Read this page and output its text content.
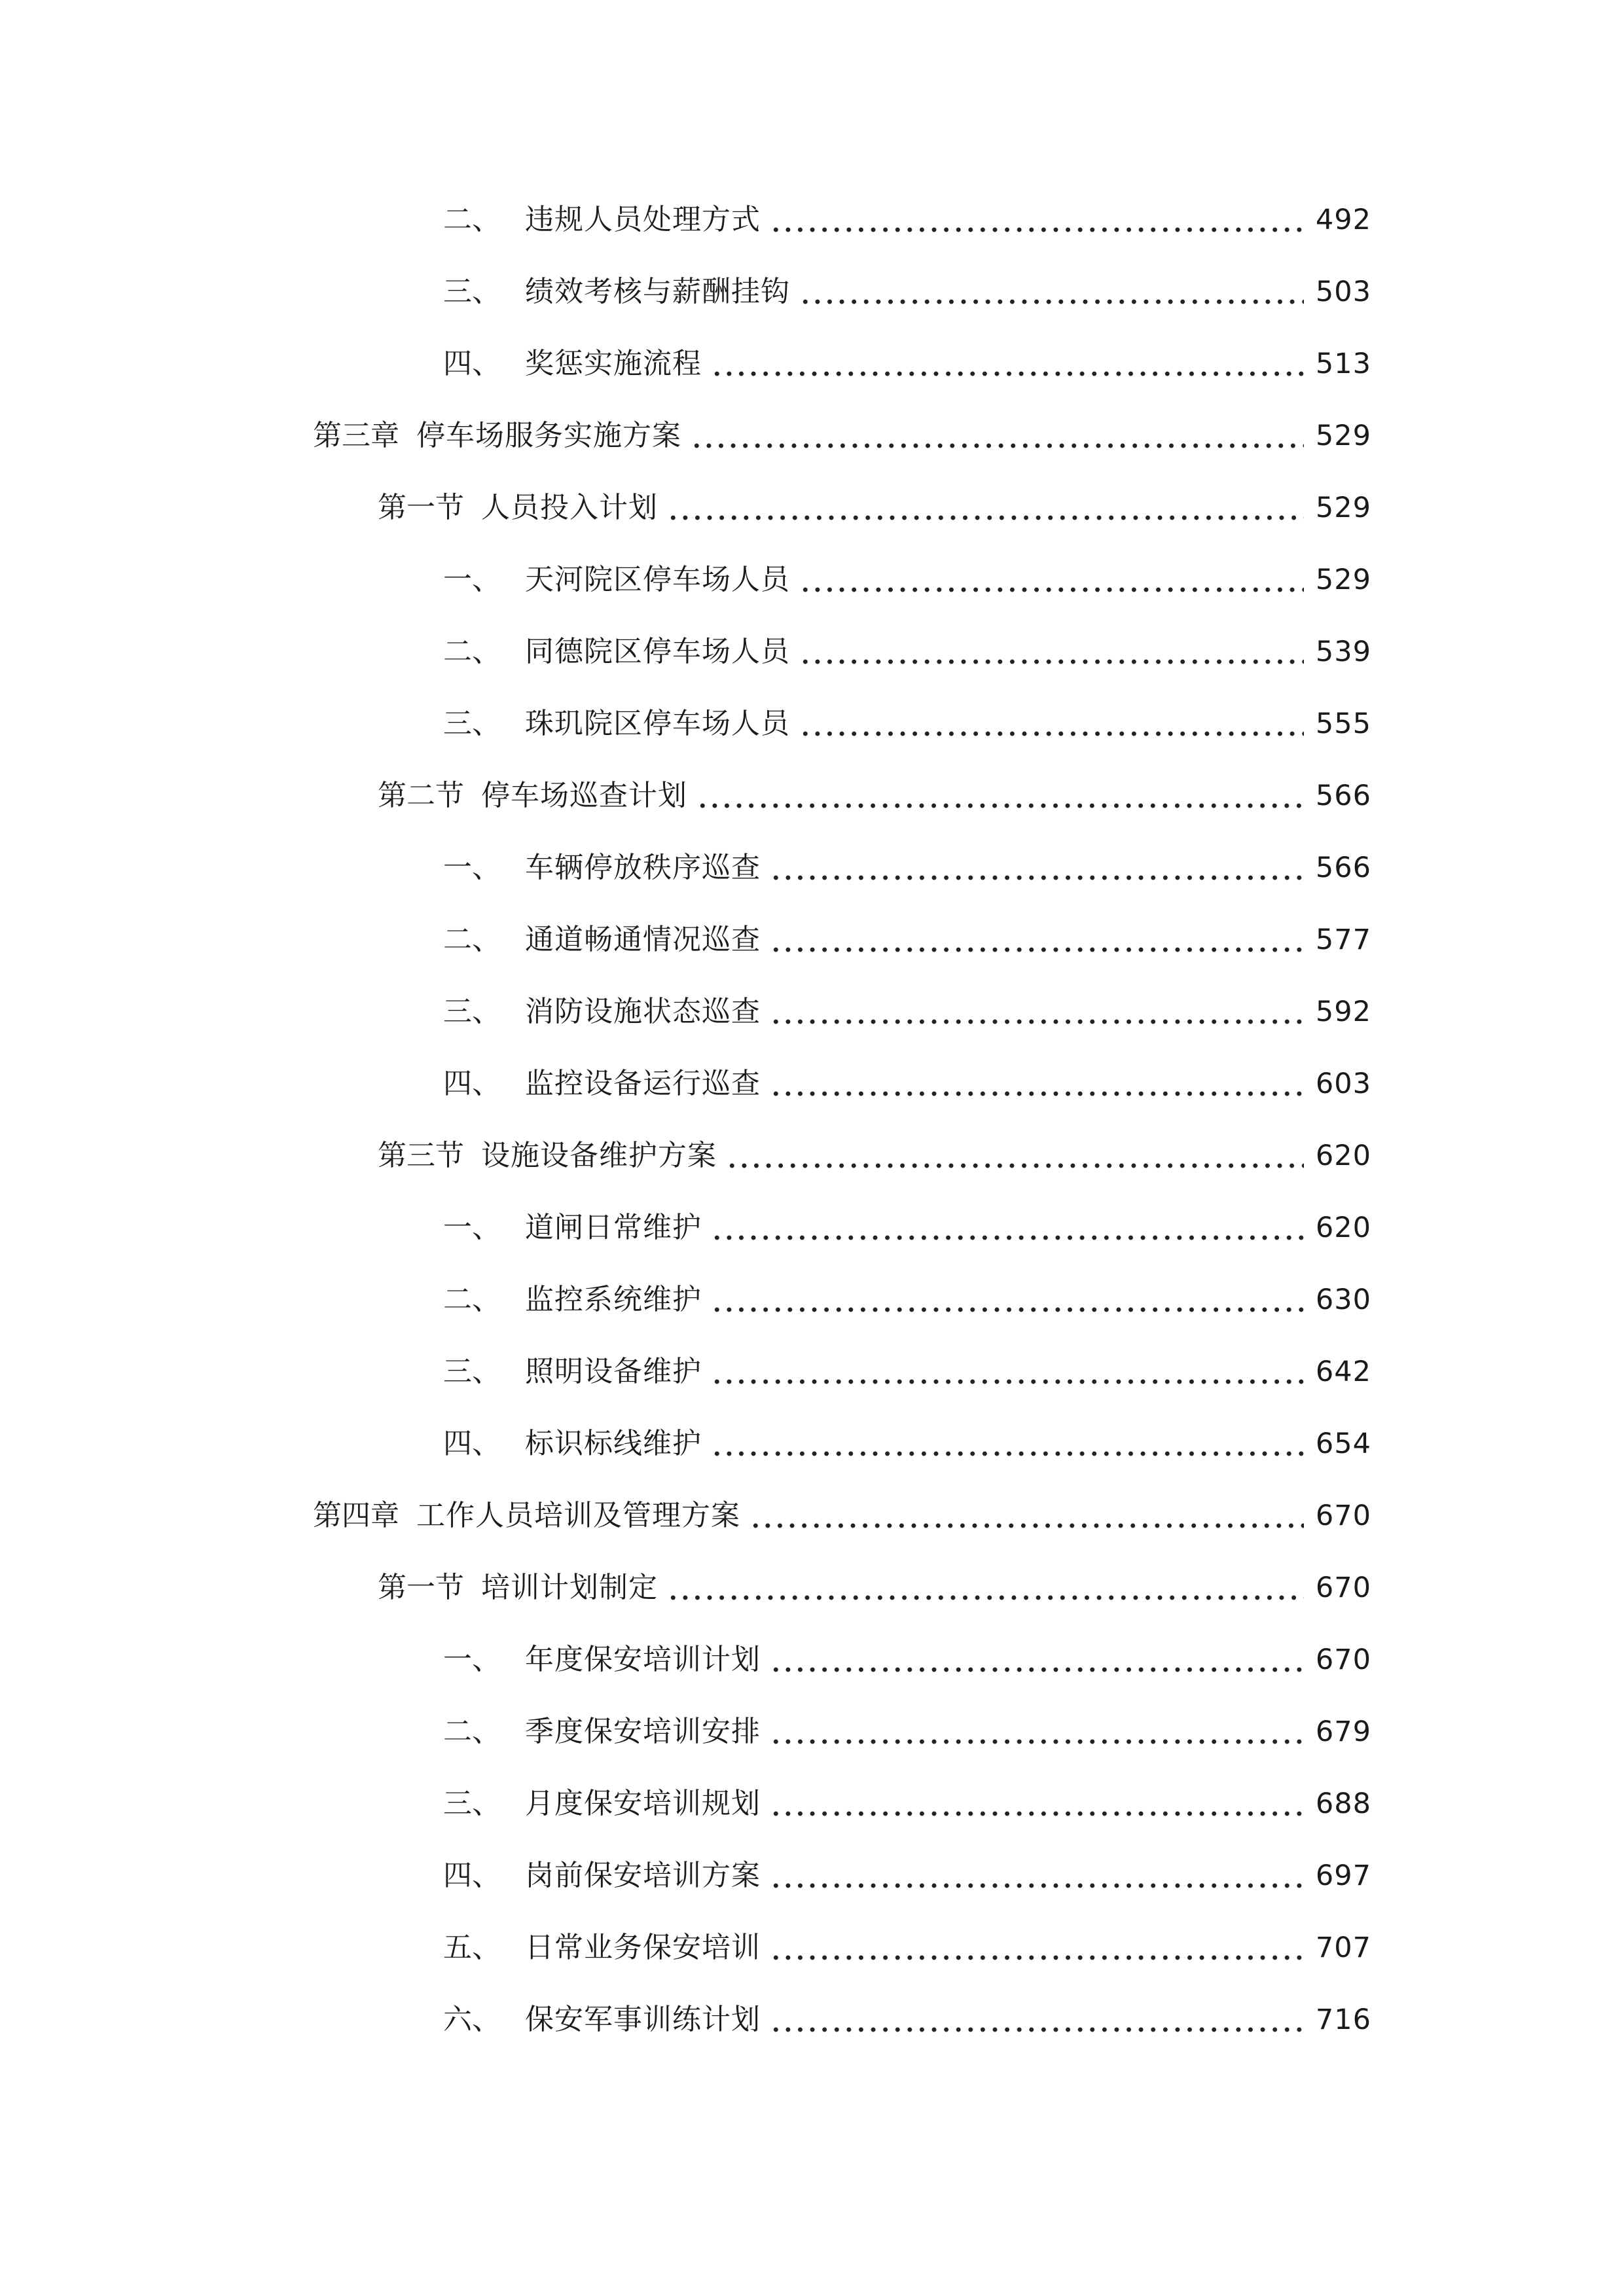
二、 违规人员处理方式	492
三、 绩效考核与薪酬挂钩	503
四、 奖惩实施流程	513
第三章 停车场服务实施方案	529
第一节 人员投入计划	529
一、 天河院区停车场人员	529
二、 同德院区停车场人员	539
三、 珠玑院区停车场人员	555
第二节 停车场巡查计划	566
一、 车辆停放秩序巡查	566
二、 通道畅通情况巡查	577
三、 消防设施状态巡查	592
四、 监控设备运行巡查	603
第三节 设施设备维护方案	620
一、 道闸日常维护	620
二、 监控系统维护	630
三、 照明设备维护	642
四、 标识标线维护	654
第四章 工作人员培训及管理方案	670
第一节 培训计划制定	670
一、 年度保安培训计划	670
二、 季度保安培训安排	679
三、 月度保安培训规划	688
四、 岗前保安培训方案	697
五、 日常业务保安培训	707
六、 保安军事训练计划	716
